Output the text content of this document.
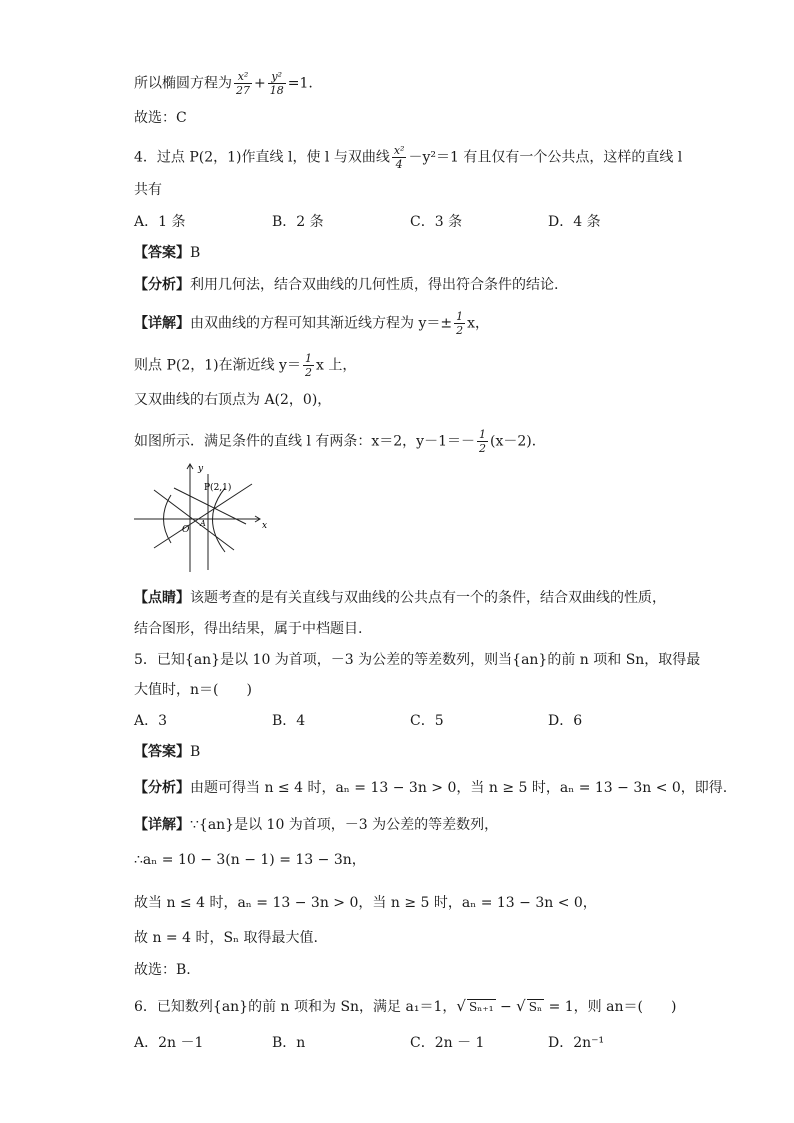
所以椭圆方程为 $\frac{\text{x²}}{27} + \frac{\text{y²}}{18} =1$.
故选：C
4．过点 P(2，1)作直线 l，使 l 与双曲线 $\frac{\text{x²}}{4} -y^2=1$ 有且仅有一个公共点，这样的直线 l
共有
A．1 条	B．2 条	C．3 条	D．4 条
【答案】B
【分析】利用几何法，结合双曲线的几何性质，得出符合条件的结论.
【详解】由双曲线的方程可知其渐近线方程为 $y=\pm \frac{1}{2}$ x，
则点 P(2，1)在渐近线 $y= \frac{1}{2}$ x 上，
又双曲线的右顶点为 A(2，0)，
如图所示．满足条件的直线 l 有两条：x＝2，$y-1=- \frac{1}{2} (x-2)$．
y
x
O
A
P(2,1)
【点睛】该题考查的是有关直线与双曲线的公共点有一个的条件，结合双曲线的性质，
结合图形，得出结果，属于中档题目.
5．已知{an}是以 10 为首项，－3 为公差的等差数列，则当{an}的前 n 项和 Sn，取得最
大值时，n＝(　　)
A．3	B．4	C．5	D．6
【答案】B
【分析】由题可得当 n ≤ 4 时，aₙ = 13 − 3n > 0，当 n ≥ 5 时，aₙ = 13 − 3n < 0，即得.
【详解】∵{an}是以 10 为首项，－3 为公差的等差数列，
∴aₙ = 10 − 3(n − 1) = 13 − 3n，
故当 n ≤ 4 时，aₙ = 13 − 3n > 0，当 n ≥ 5 时，aₙ = 13 − 3n < 0，
故 n = 4 时，Sₙ 取得最大值.
故选：B.
6．已知数列{an}的前 n 项和为 Sn，满足 a₁＝1，√ Sₙ₊₁ − √ Sₙ = 1，则 an＝(　　)
A．2n －1	B．n	C．2n － 1	D．2n⁻¹
